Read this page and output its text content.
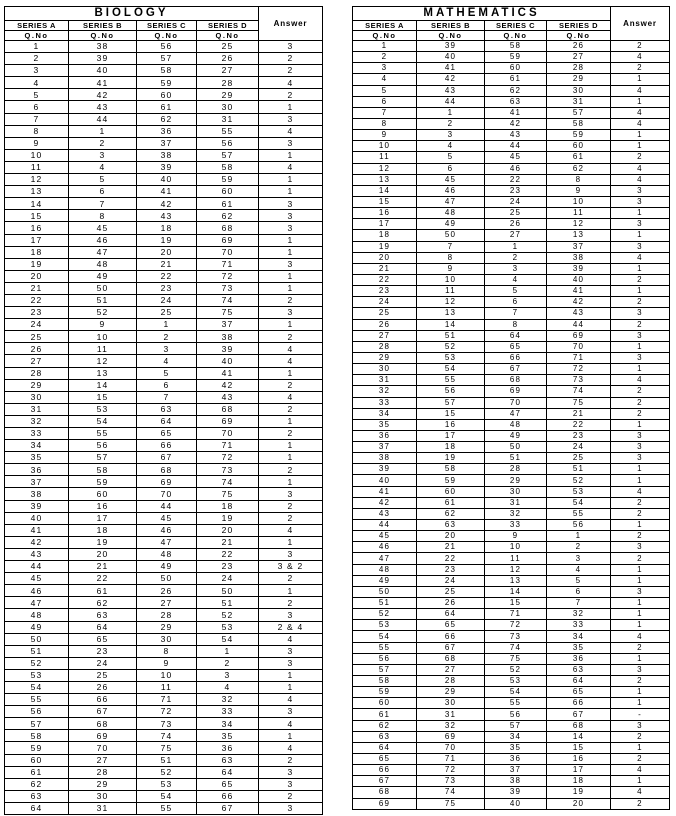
BIOLOGY				Answer
SERIES A	SERIES B	SERIES C	SERIES D	
Q.No	Q.No	Q.No	Q.No	
1	38	56	25	3
2	39	57	26	2
3	40	58	27	2
4	41	59	28	4
5	42	60	29	2
6	43	61	30	1
7	44	62	31	3
8	1	36	55	4
9	2	37	56	3
10	3	38	57	1
11	4	39	58	4
12	5	40	59	1
13	6	41	60	1
14	7	42	61	3
15	8	43	62	3
16	45	18	68	3
17	46	19	69	1
18	47	20	70	1
19	48	21	71	3
20	49	22	72	1
21	50	23	73	1
22	51	24	74	2
23	52	25	75	3
24	9	1	37	1
25	10	2	38	2
26	11	3	39	4
27	12	4	40	4
28	13	5	41	1
29	14	6	42	2
30	15	7	43	4
31	53	63	68	2
32	54	64	69	1
33	55	65	70	2
34	56	66	71	1
35	57	67	72	1
36	58	68	73	2
37	59	69	74	1
38	60	70	75	3
39	16	44	18	2
40	17	45	19	2
41	18	46	20	4
42	19	47	21	1
43	20	48	22	3
44	21	49	23	3 & 2
45	22	50	24	2
46	61	26	50	1
47	62	27	51	2
48	63	28	52	3
49	64	29	53	2 & 4
50	65	30	54	4
51	23	8	1	3
52	24	9	2	3
53	25	10	3	1
54	26	11	4	1
55	66	71	32	4
56	67	72	33	3
57	68	73	34	4
58	69	74	35	1
59	70	75	36	4
60	27	51	63	2
61	28	52	64	3
62	29	53	65	3
63	30	54	66	2
64	31	55	67	3
MATHEMATICS				Answer
SERIES A	SERIES B	SERIES C	SERIES D	
Q.No	Q.No	Q.No	Q.No	
1	39	58	26	2
2	40	59	27	4
3	41	60	28	2
4	42	61	29	1
5	43	62	30	4
6	44	63	31	1
7	1	41	57	4
8	2	42	58	4
9	3	43	59	1
10	4	44	60	1
11	5	45	61	2
12	6	46	62	4
13	45	22	8	4
14	46	23	9	3
15	47	24	10	3
16	48	25	11	1
17	49	26	12	3
18	50	27	13	1
19	7	1	37	3
20	8	2	38	4
21	9	3	39	1
22	10	4	40	2
23	11	5	41	1
24	12	6	42	2
25	13	7	43	3
26	14	8	44	2
27	51	64	69	3
28	52	65	70	1
29	53	66	71	3
30	54	67	72	1
31	55	68	73	4
32	56	69	74	2
33	57	70	75	2
34	15	47	21	2
35	16	48	22	1
36	17	49	23	3
37	18	50	24	3
38	19	51	25	3
39	58	28	51	1
40	59	29	52	1
41	60	30	53	4
42	61	31	54	2
43	62	32	55	2
44	63	33	56	1
45	20	9	1	2
46	21	10	2	3
47	22	11	3	2
48	23	12	4	1
49	24	13	5	1
50	25	14	6	3
51	26	15	7	1
52	64	71	32	1
53	65	72	33	1
54	66	73	34	4
55	67	74	35	2
56	68	75	36	1
57	27	52	63	3
58	28	53	64	2
59	29	54	65	1
60	30	55	66	1
61	31	56	67	-
62	32	57	68	3
63	69	34	14	2
64	70	35	15	1
65	71	36	16	2
66	72	37	17	4
67	73	38	18	1
68	74	39	19	4
69	75	40	20	2
